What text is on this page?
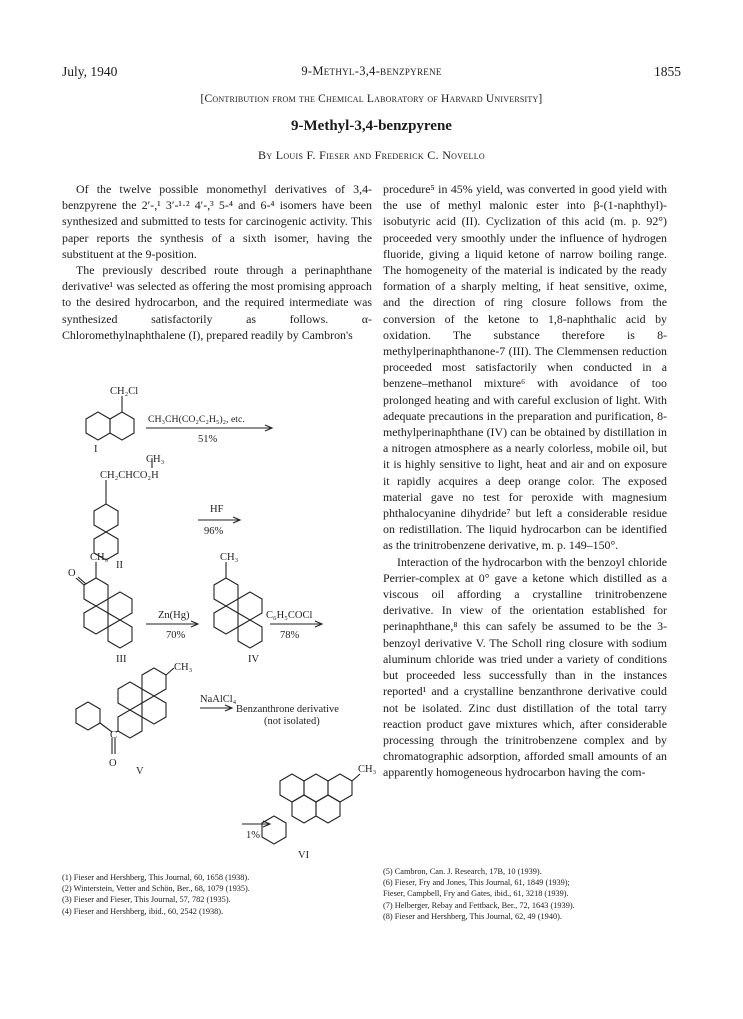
July, 1940	9-Methyl-3,4-benzpyrene	1855
[Contribution from the Chemical Laboratory of Harvard University]
9-Methyl-3,4-benzpyrene
By Louis F. Fieser and Frederick C. Novello

Of the twelve possible monomethyl derivatives of 3,4-benzpyrene the 2′-,¹ 3′-¹·² 4′-,³ 5-⁴ and 6-⁴ isomers have been synthesized and submitted to tests for carcinogenic activity. This paper reports the synthesis of a sixth isomer, having the substituent at the 9-position.

The previously described route through a perinaphthane derivative¹ was selected as offering the most promising approach to the desired hydrocarbon, and the required intermediate was synthesized satisfactorily as follows. α-Chloromethylnaphthalene (I), prepared readily by Cambron's

CH₂Cl
CH₃CH(CO₂C₂H₅)₂, etc.
51%
I
CH₃
CH₂CHCO₂H
HF
96%
II
CH₃
O
Zn(Hg)
70%
III
CH₃
C₆H₅COCl
78%
IV
CH₃
C
O
V
NaAlCl₄
Benzanthrone derivative
(not isolated)
CH₃
1%
VI

procedure⁵ in 45% yield, was converted in good yield with the use of methyl malonic ester into β-(1-naphthyl)-isobutyric acid (II). Cyclization of this acid (m. p. 92°) proceeded very smoothly under the influence of hydrogen fluoride, giving a liquid ketone of narrow boiling range. The homogeneity of the material is indicated by the ready formation of a sharply melting, if heat sensitive, oxime, and the direction of ring closure follows from the conversion of the ketone to 1,8-naphthalic acid by oxidation. The substance therefore is 8-methylperinaphthanone-7 (III). The Clemmensen reduction proceeded most satisfactorily when conducted in a benzene–methanol mixture⁶ with avoidance of too prolonged heating and with careful exclusion of light. With adequate precautions in the preparation and purification, 8-methylperinaphthane (IV) can be obtained by distillation in a nitrogen atmosphere as a nearly colorless, mobile oil, but it is highly sensitive to light, heat and air and on exposure it rapidly acquires a deep orange color. The exposed material gave no test for peroxide with magnesium phthalocyanine dihydride⁷ but left a considerable residue on redistillation. The liquid hydrocarbon can be identified as the trinitrobenzene derivative, m. p. 149–150°.

Interaction of the hydrocarbon with the benzoyl chloride Perrier-complex at 0° gave a ketone which distilled as a viscous oil affording a crystalline trinitrobenzene derivative. In view of the orientation established for perinaphthane,⁸ this can safely be assumed to be the 3-benzoyl derivative V. The Scholl ring closure with sodium aluminum chloride was tried under a variety of conditions but proceeded less successfully than in the instances reported¹ and a crystalline benzanthrone derivative could not be isolated. Zinc dust distillation of the total tarry reaction product gave mixtures which, after considerable processing through the trinitrobenzene complex and by chromatographic adsorption, afforded small amounts of an apparently homogeneous hydrocarbon having the com-

(1) Fieser and Hershberg, This Journal, 60, 1658 (1938).
(2) Winterstein, Vetter and Schön, Ber., 68, 1079 (1935).
(3) Fieser and Fieser, This Journal, 57, 782 (1935).
(4) Fieser and Hershberg, ibid., 60, 2542 (1938).
(5) Cambron, Can. J. Research, 17B, 10 (1939).
(6) Fieser, Fry and Jones, This Journal, 61, 1849 (1939);
Fieser, Campbell, Fry and Gates, ibid., 61, 3218 (1939).
(7) Helberger, Rebay and Fettback, Ber., 72, 1643 (1939).
(8) Fieser and Hershberg, This Journal, 62, 49 (1940).
